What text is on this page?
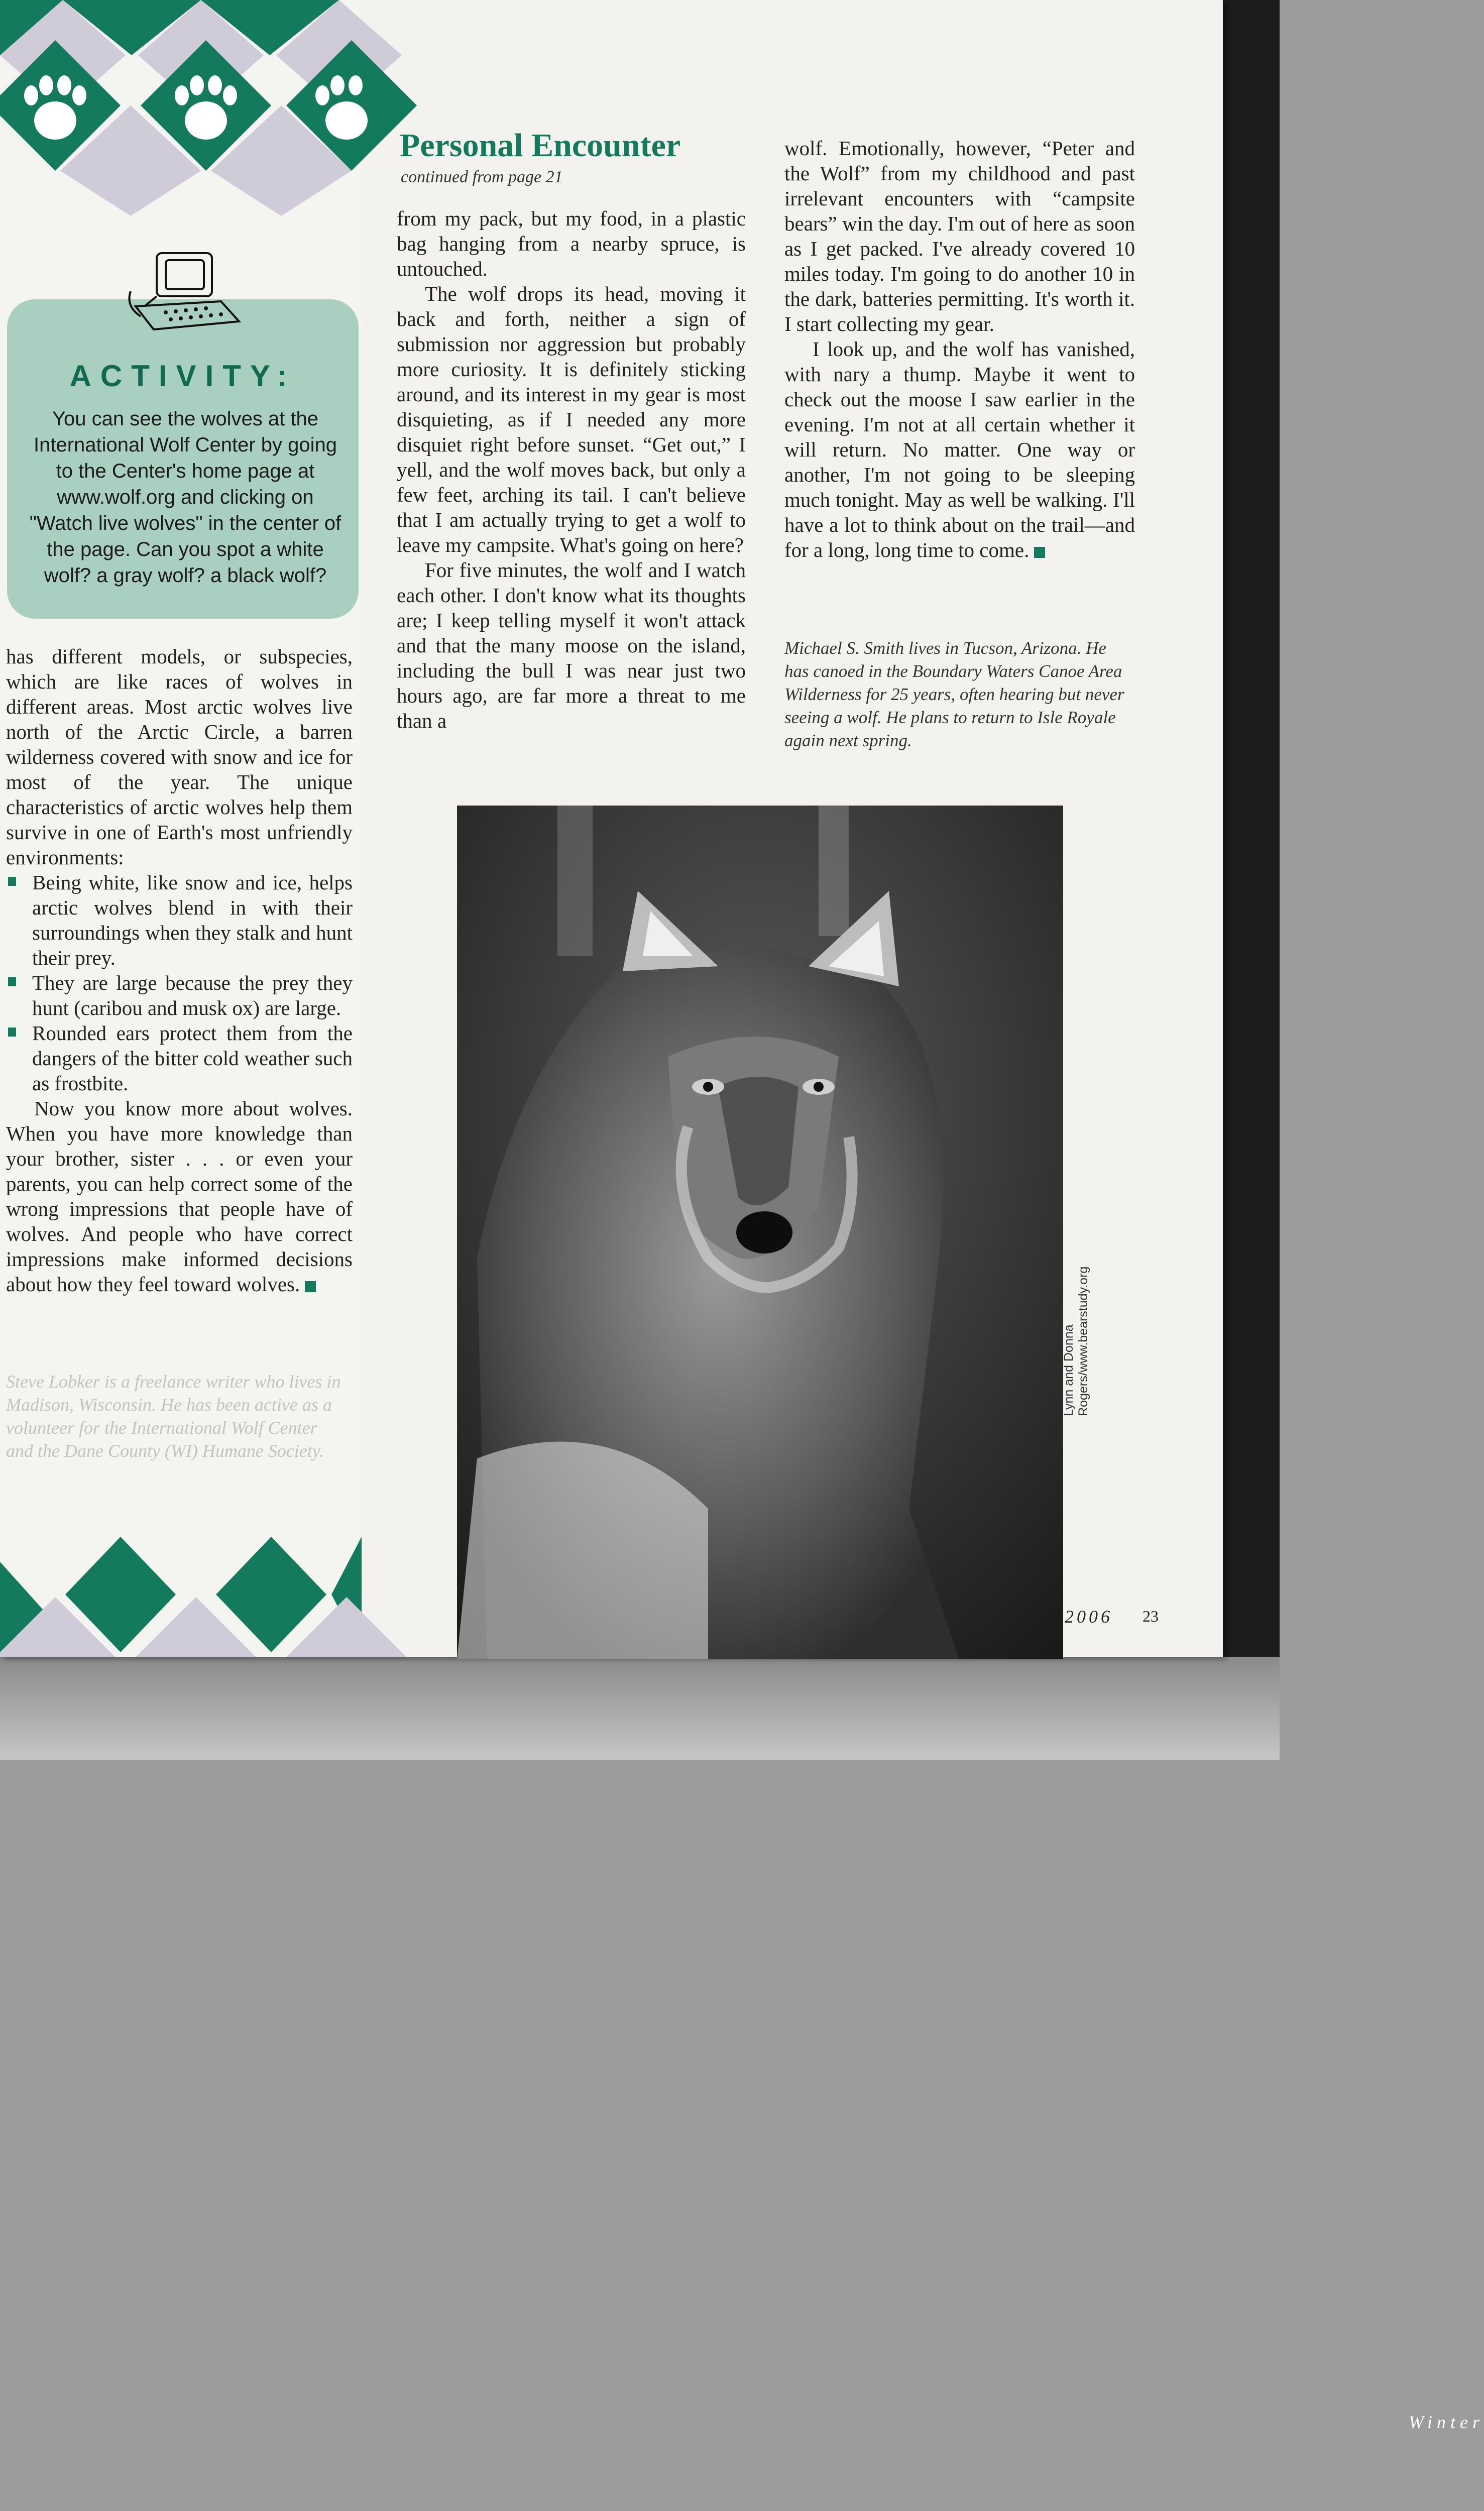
ACTIVITY:
You can see the wolves at the International Wolf Center by going to the Center's home page at www.wolf.org and clicking on "Watch live wolves" in the center of the page. Can you spot a white wolf? a gray wolf? a black wolf?

has different models, or subspecies, which are like races of wolves in different areas. Most arctic wolves live north of the Arctic Circle, a barren wilderness covered with snow and ice for most of the year. The unique characteristics of arctic wolves help them survive in one of Earth's most unfriendly environments:

Being white, like snow and ice, helps arctic wolves blend in with their surroundings when they stalk and hunt their prey.
They are large because the prey they hunt (caribou and musk ox) are large.
Rounded ears protect them from the dangers of the bitter cold weather such as frostbite.

Now you know more about wolves. When you have more knowledge than your brother, sister . . . or even your parents, you can help correct some of the wrong impressions that people have of wolves. And people who have correct impressions make informed decisions about how they feel toward wolves.

Steve Lobker is a freelance writer who lives in Madison, Wisconsin. He has been active as a volunteer for the International Wolf Center and the Dane County (WI) Humane Society.
Personal Encounter
continued from page 21

from my pack, but my food, in a plastic bag hanging from a nearby spruce, is untouched.

The wolf drops its head, moving it back and forth, neither a sign of submission nor aggression but probably more curiosity. It is definitely sticking around, and its interest in my gear is most disquieting, as if I needed any more disquiet right before sunset. “Get out,” I yell, and the wolf moves back, but only a few feet, arching its tail. I can't believe that I am actually trying to get a wolf to leave my campsite. What's going on here?

For five minutes, the wolf and I watch each other. I don't know what its thoughts are; I keep telling myself it won't attack and that the many moose on the island, including the bull I was near just two hours ago, are far more a threat to me than a

wolf. Emotionally, however, “Peter and the Wolf” from my childhood and past irrelevant encounters with “campsite bears” win the day. I'm out of here as soon as I get packed. I've already covered 10 miles today. I'm going to do another 10 in the dark, batteries permitting. It's worth it. I start collecting my gear.

I look up, and the wolf has vanished, with nary a thump. Maybe it went to check out the moose I saw earlier in the evening. I'm not at all certain whether it will return. No matter. One way or another, I'm not going to be sleeping much tonight. May as well be walking. I'll have a lot to think about on the trail—and for a long, long time to come.

Michael S. Smith lives in Tucson, Arizona. He has canoed in the Boundary Waters Canoe Area Wilderness for 25 years, often hearing but never seeing a wolf. He plans to return to Isle Royale again next spring.
Winter
Lynn and Donna Rogers/www.bearstudy.org
2006 23
